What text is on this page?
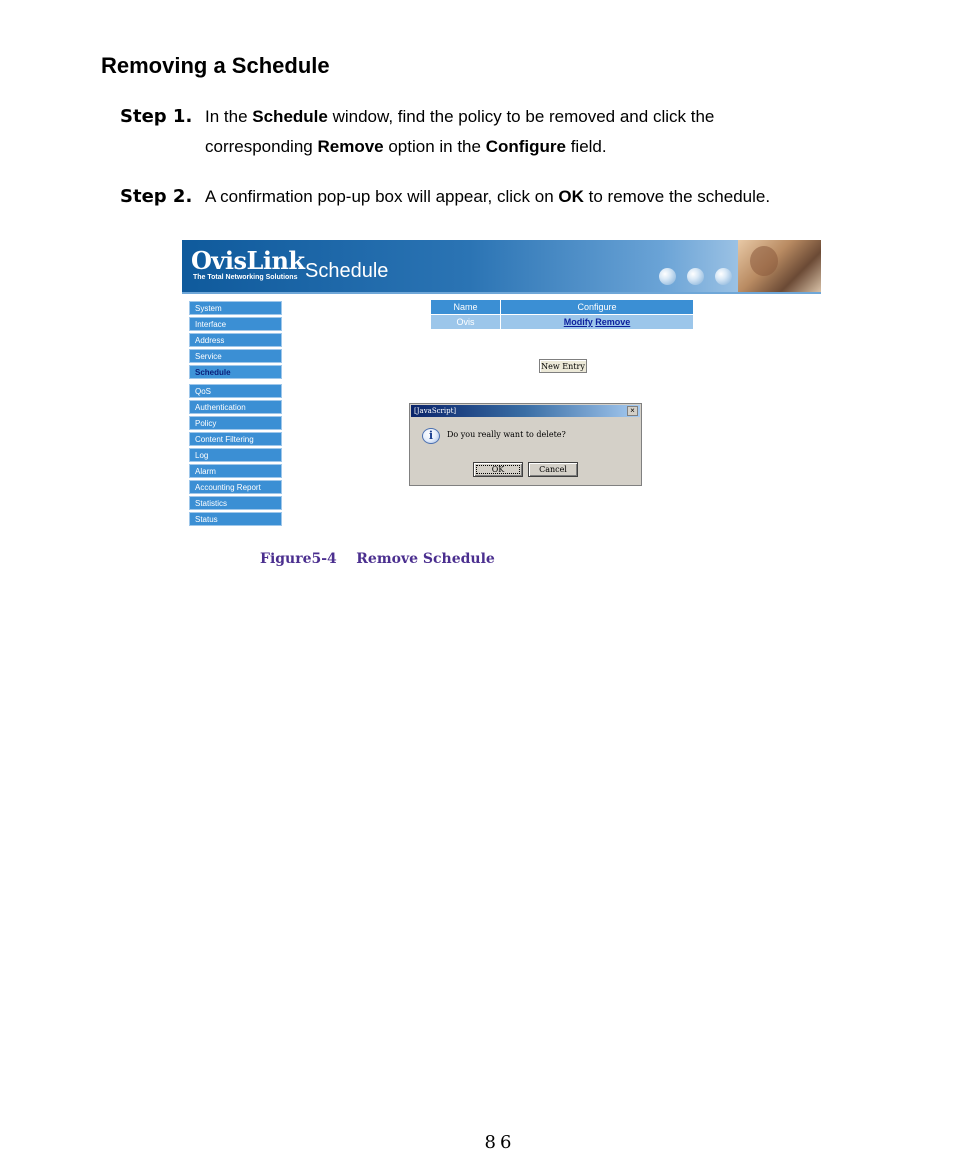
Removing a Schedule
Step 1. In the Schedule window, find the policy to be removed and click the
corresponding Remove option in the Configure field.
Step 2. A confirmation pop-up box will appear, click on OK to remove the schedule.
OvisLink
The Total Networking Solutions Schedule
System
Interface
Address
Service
Schedule
QoS
Authentication
Policy
Content Filtering
Log
Alarm
Accounting Report
Statistics
Status
Name	Configure
Ovis	Modify Remove
New Entry
[JavaScript]	×
i	Do you really want to delete?
OK	Cancel
Figure5-4    Remove Schedule
86
